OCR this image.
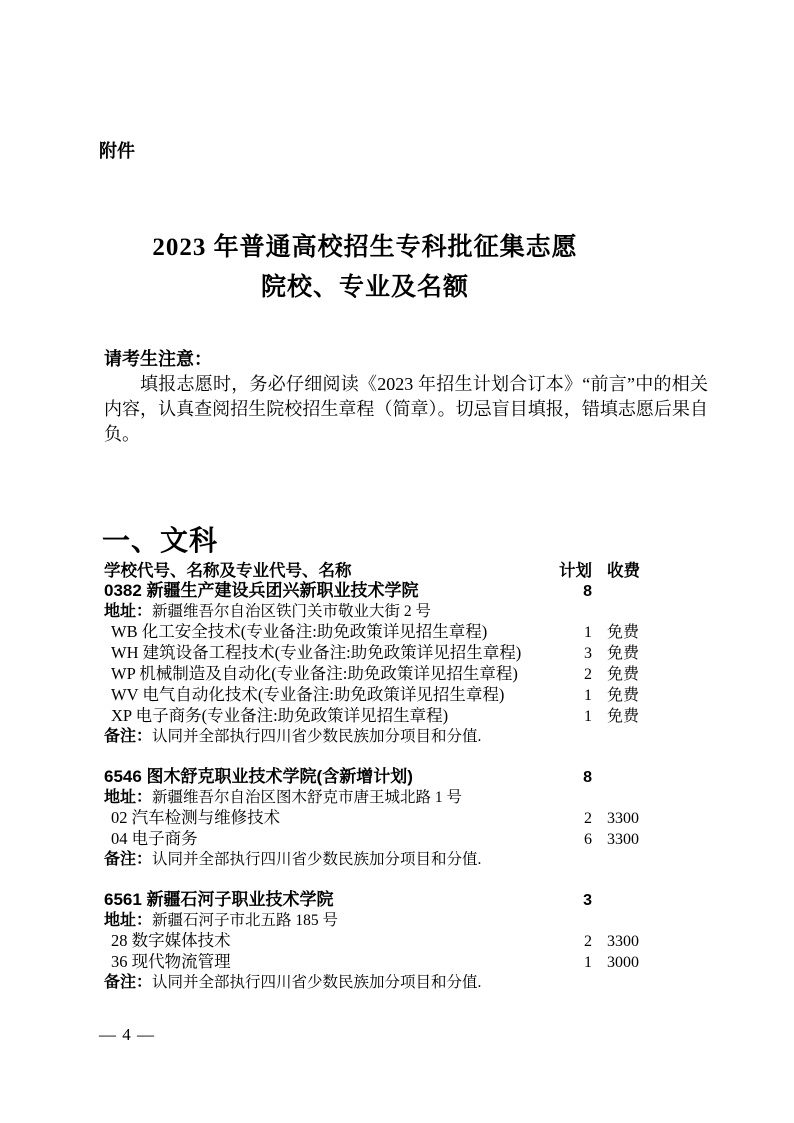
附件
2023 年普通高校招生专科批征集志愿
院校、专业及名额
请考生注意：

填报志愿时，务必仔细阅读《2023 年招生计划合订本》“前言”中的相关内容，认真查阅招生院校招生章程（简章）。切忌盲目填报，错填志愿后果自负。

一、文科
学校代号、名称及专业代号、名称	计划 收费
0382 新疆生产建设兵团兴新职业技术学院	8
地址：新疆维吾尔自治区铁门关市敬业大街 2 号
WB 化工安全技术(专业备注:助免政策详见招生章程)	1 免费
WH 建筑设备工程技术(专业备注:助免政策详见招生章程)	3 免费
WP 机械制造及自动化(专业备注:助免政策详见招生章程)	2 免费
WV 电气自动化技术(专业备注:助免政策详见招生章程)	1 免费
XP 电子商务(专业备注:助免政策详见招生章程)	1 免费
备注：认同并全部执行四川省少数民族加分项目和分值.
6546 图木舒克职业技术学院(含新增计划)	8
地址：新疆维吾尔自治区图木舒克市唐王城北路 1 号
02 汽车检测与维修技术	2 3300
04 电子商务	6 3300
备注：认同并全部执行四川省少数民族加分项目和分值.
6561 新疆石河子职业技术学院	3
地址：新疆石河子市北五路 185 号
28 数字媒体技术	2 3300
36 现代物流管理	1 3000
备注：认同并全部执行四川省少数民族加分项目和分值.
— 4 —
